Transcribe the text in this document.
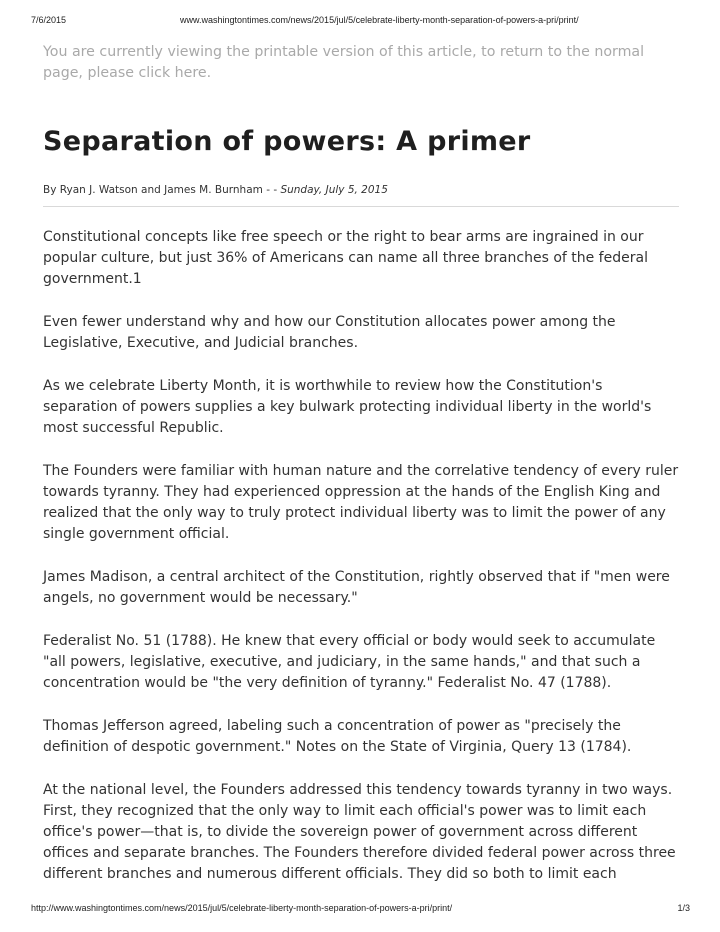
7/6/2015	www.washingtontimes.com/news/2015/jul/5/celebrate-liberty-month-separation-of-powers-a-pri/print/

You are currently viewing the printable version of this article, to return to the normal page, please click here.

Separation of powers: A primer
By Ryan J. Watson and James M. Burnham - - Sunday, July 5, 2015

Constitutional concepts like free speech or the right to bear arms are ingrained in our popular culture, but just 36% of Americans can name all three branches of the federal government.1

Even fewer understand why and how our Constitution allocates power among the Legislative, Executive, and Judicial branches.

As we celebrate Liberty Month, it is worthwhile to review how the Constitution's separation of powers supplies a key bulwark protecting individual liberty in the world's most successful Republic.

The Founders were familiar with human nature and the correlative tendency of every ruler towards tyranny. They had experienced oppression at the hands of the English King and realized that the only way to truly protect individual liberty was to limit the power of any single government official.

James Madison, a central architect of the Constitution, rightly observed that if "men were angels, no government would be necessary."

Federalist No. 51 (1788). He knew that every official or body would seek to accumulate "all powers, legislative, executive, and judiciary, in the same hands," and that such a concentration would be "the very definition of tyranny." Federalist No. 47 (1788).

Thomas Jefferson agreed, labeling such a concentration of power as "precisely the definition of despotic government." Notes on the State of Virginia, Query 13 (1784).

At the national level, the Founders addressed this tendency towards tyranny in two ways. First, they recognized that the only way to limit each official's power was to limit each office's power—that is, to divide the sovereign power of government across different offices and separate branches. The Founders therefore divided federal power across three different branches and numerous different officials. They did so both to limit each

http://www.washingtontimes.com/news/2015/jul/5/celebrate-liberty-month-separation-of-powers-a-pri/print/	1/3
